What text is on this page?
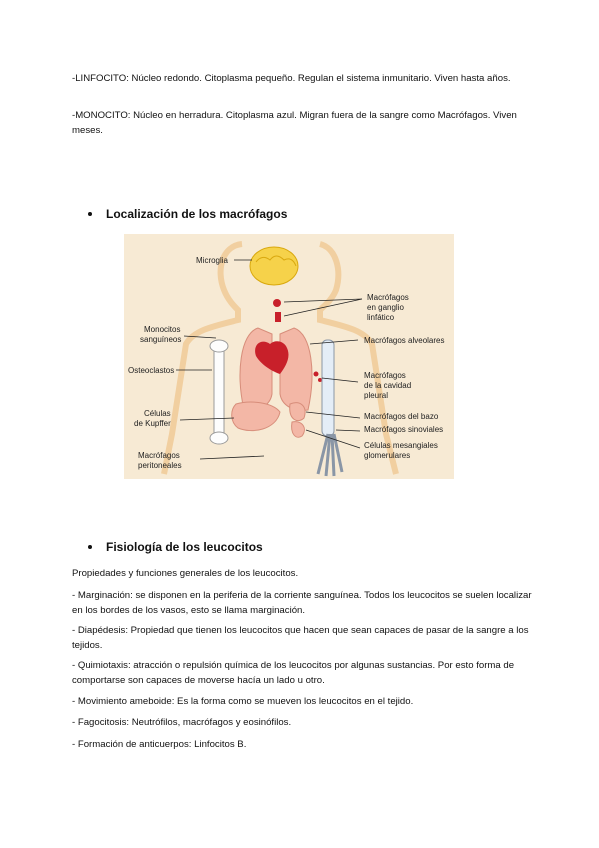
-LINFOCITO: Núcleo redondo. Citoplasma pequeño. Regulan el sistema inmunitario. Viven hasta años.

-MONOCITO: Núcleo en herradura. Citoplasma azul. Migran fuera de la sangre como Macrófagos. Viven meses.

Localización de los macrófagos
Microglia
Macrófagos
en ganglio
linfático
Monocitos
sanguíneos	Macrófagos alveolares
Osteoclastos
Macrófagos
de la cavidad
pleural
Células
de Kupffer
Macrófagos del bazo
Macrófagos sinoviales
Células mesangiales
glomerulares
Macrófagos
peritoneales
Fisiología de los leucocitos

Propiedades y funciones generales de los leucocitos.

- Marginación: se disponen en la periferia de la corriente sanguínea. Todos los leucocitos se suelen localizar en los bordes de los vasos, esto se llama marginación.

- Diapédesis: Propiedad que tienen los leucocitos que hacen que sean capaces de pasar de la sangre a los tejidos.

- Quimiotaxis: atracción o repulsión química de los leucocitos por algunas sustancias. Por esto forma de comportarse son capaces de moverse hacía un lado u otro.

- Movimiento ameboide: Es la forma como se mueven los leucocitos en el tejido.

- Fagocitosis: Neutrófilos, macrófagos y eosinófilos.

- Formación de anticuerpos: Linfocitos B.
